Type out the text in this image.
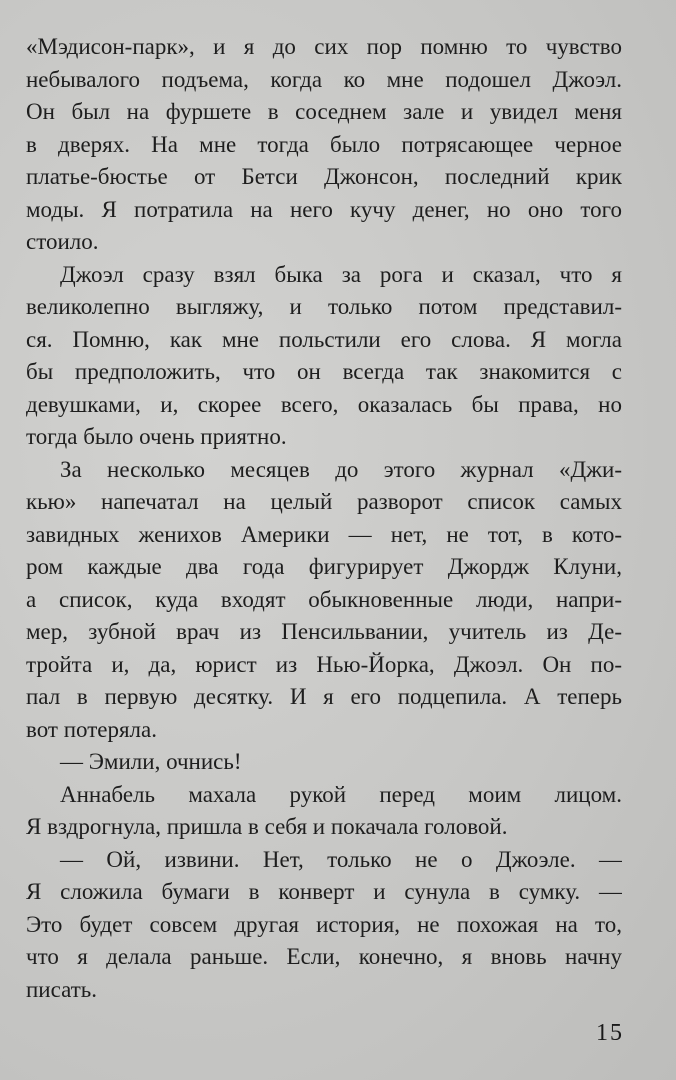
«Мэдисон-парк», и я до сих пор помню то чувство
небывалого подъема, когда ко мне подошел Джоэл.
Он был на фуршете в соседнем зале и увидел меня
в дверях. На мне тогда было потрясающее черное
платье-бюстье от Бетси Джонсон, последний крик
моды. Я потратила на него кучу денег, но оно того
стоило.
Джоэл сразу взял быка за рога и сказал, что я
великолепно выгляжу, и только потом представил-
ся. Помню, как мне польстили его слова. Я могла
бы предположить, что он всегда так знакомится с
девушками, и, скорее всего, оказалась бы права, но
тогда было очень приятно.
За несколько месяцев до этого журнал «Джи-
кью» напечатал на целый разворот список самых
завидных женихов Америки — нет, не тот, в кото-
ром каждые два года фигурирует Джордж Клуни,
а список, куда входят обыкновенные люди, напри-
мер, зубной врач из Пенсильвании, учитель из Де-
тройта и, да, юрист из Нью-Йорка, Джоэл. Он по-
пал в первую десятку. И я его подцепила. А теперь
вот потеряла.
— Эмили, очнись!
Аннабель махала рукой перед моим лицом.
Я вздрогнула, пришла в себя и покачала головой.
— Ой, извини. Нет, только не о Джоэле. —
Я сложила бумаги в конверт и сунула в сумку. —
Это будет совсем другая история, не похожая на то,
что я делала раньше. Если, конечно, я вновь начну
писать.
15
